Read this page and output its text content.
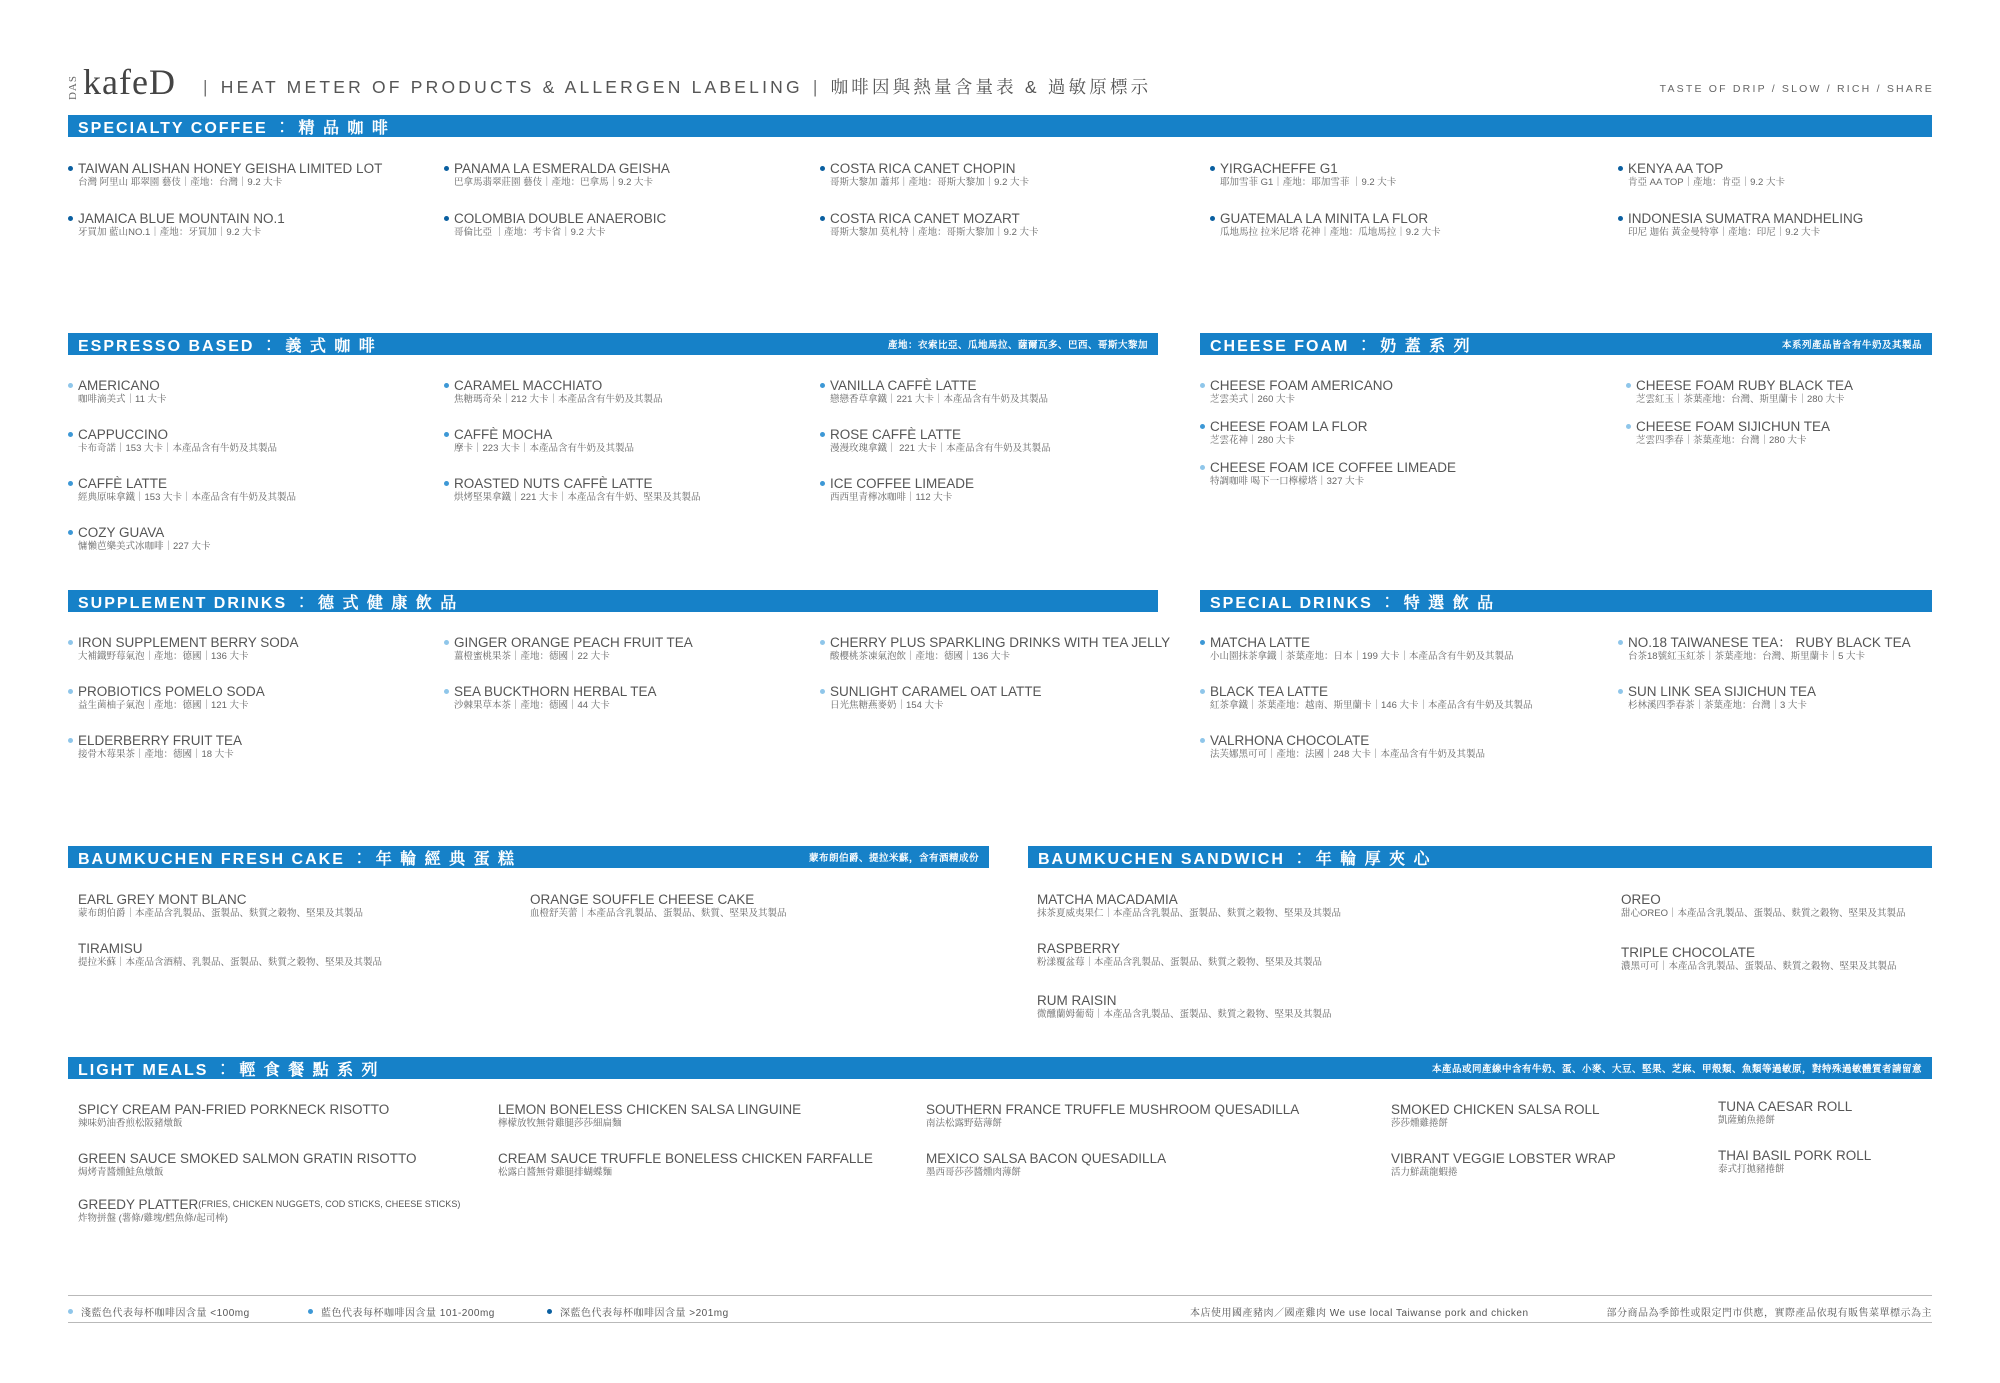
DAS kafeD	| HEAT METER OF PRODUCTS & ALLERGEN LABELING | 咖啡因與熱量含量表 & 過敏原標示	TASTE OF DRIP / SLOW / RICH / SHARE
SPECIALTY COFFEE ︰ 精 品 咖 啡
TAIWAN ALISHAN HONEY GEISHA LIMITED LOT
台灣 阿里山 耶翠園 藝伎｜產地：台灣｜9.2 大卡
JAMAICA BLUE MOUNTAIN NO.1
牙買加 藍山NO.1｜產地：牙買加｜9.2 大卡
PANAMA LA ESMERALDA GEISHA
巴拿馬翡翠莊園 藝伎｜產地：巴拿馬｜9.2 大卡
COLOMBIA DOUBLE ANAEROBIC
哥倫比亞 ｜產地：考卡省｜9.2 大卡
COSTA RICA CANET CHOPIN
哥斯大黎加 蕭邦｜產地：哥斯大黎加｜9.2 大卡
COSTA RICA CANET MOZART
哥斯大黎加 莫札特｜產地：哥斯大黎加｜9.2 大卡
YIRGACHEFFE G1
耶加雪菲 G1｜產地：耶加雪菲 ｜9.2 大卡
GUATEMALA LA MINITA LA FLOR
瓜地馬拉 拉米尼塔 花神｜產地：瓜地馬拉｜9.2 大卡
KENYA AA TOP
肯亞 AA TOP｜產地：肯亞｜9.2 大卡
INDONESIA SUMATRA MANDHELING
印尼 迦佑 黃金曼特寧｜產地：印尼｜9.2 大卡
ESPRESSO BASED ︰ 義 式 咖 啡	產地：衣索比亞、瓜地馬拉、薩爾瓦多、巴西、哥斯大黎加
AMERICANO
咖啡滴美式｜11 大卡
CAPPUCCINO
卡布奇諾｜153 大卡｜本產品含有牛奶及其製品
CAFFÈ LATTE
經典原味拿鐵｜153 大卡｜本產品含有牛奶及其製品
COZY GUAVA
慵懶芭樂美式冰咖啡｜227 大卡
CARAMEL MACCHIATO
焦糖瑪奇朵｜212 大卡｜本產品含有牛奶及其製品
CAFFÈ MOCHA
摩卡｜223 大卡｜本產品含有牛奶及其製品
ROASTED NUTS CAFFÈ LATTE
烘烤堅果拿鐵｜221 大卡｜本產品含有牛奶、堅果及其製品
VANILLA CAFFÈ LATTE
戀戀香草拿鐵｜221 大卡｜本產品含有牛奶及其製品
ROSE CAFFÈ LATTE
漫漫玫瑰拿鐵｜ 221 大卡｜本產品含有牛奶及其製品
ICE COFFEE LIMEADE
西西里青檸冰咖啡｜112 大卡
CHEESE FOAM ︰ 奶 蓋 系 列	本系列產品皆含有牛奶及其製品
CHEESE FOAM AMERICANO
芝雲美式｜260 大卡
CHEESE FOAM LA FLOR
芝雲花神｜280 大卡
CHEESE FOAM ICE COFFEE LIMEADE
特調咖啡 喝下一口檸檬塔｜327 大卡
CHEESE FOAM RUBY BLACK TEA
芝雲紅玉｜茶葉產地：台灣、斯里蘭卡｜280 大卡
CHEESE FOAM SIJICHUN TEA
芝雲四季春｜茶葉產地：台灣｜280 大卡
SUPPLEMENT DRINKS ︰ 德 式 健 康 飲 品
IRON SUPPLEMENT BERRY SODA
大補鐵野莓氣泡｜產地：德國｜136 大卡
PROBIOTICS POMELO SODA
益生菌柚子氣泡｜產地：德國｜121 大卡
ELDERBERRY FRUIT TEA
接骨木莓果茶｜產地：德國｜18 大卡
GINGER ORANGE PEACH FRUIT TEA
薑橙蜜桃果茶｜產地：德國｜22 大卡
SEA BUCKTHORN HERBAL TEA
沙棘果草本茶｜產地：德國｜44 大卡
CHERRY PLUS SPARKLING DRINKS WITH TEA JELLY
酸櫻桃茶凍氣泡飲｜產地：德國｜136 大卡
SUNLIGHT CARAMEL OAT LATTE
日光焦糖燕麥奶｜154 大卡
SPECIAL DRINKS ︰ 特 選 飲 品
MATCHA LATTE
小山園抹茶拿鐵｜茶葉產地：日本｜199 大卡｜本產品含有牛奶及其製品
BLACK TEA LATTE
紅茶拿鐵｜茶葉產地：越南、斯里蘭卡｜146 大卡｜本產品含有牛奶及其製品
VALRHONA CHOCOLATE
法芙娜黑可可｜產地：法國｜248 大卡｜本產品含有牛奶及其製品
NO.18 TAIWANESE TEA： RUBY BLACK TEA
台茶18號紅玉紅茶｜茶葉產地：台灣、斯里蘭卡｜5 大卡
SUN LINK SEA SIJICHUN TEA
杉林溪四季春茶｜茶葉產地：台灣｜3 大卡
BAUMKUCHEN FRESH CAKE ︰ 年 輪 經 典 蛋 糕	蒙布朗伯爵、提拉米蘇，含有酒精成份
EARL GREY MONT BLANC
蒙布朗伯爵｜本產品含乳製品、蛋製品、麩質之穀物、堅果及其製品
TIRAMISU
提拉米蘇｜本產品含酒精、乳製品、蛋製品、麩質之穀物、堅果及其製品
ORANGE SOUFFLE CHEESE CAKE
血橙舒芙蕾｜本產品含乳製品、蛋製品、麩質、堅果及其製品
BAUMKUCHEN SANDWICH ︰ 年 輪 厚 夾 心
MATCHA MACADAMIA
抹茶夏威夷果仁｜本產品含乳製品、蛋製品、麩質之穀物、堅果及其製品
RASPBERRY
粉漾覆盆莓｜本產品含乳製品、蛋製品、麩質之穀物、堅果及其製品
RUM RAISIN
微醺蘭姆葡萄｜本產品含乳製品、蛋製品、麩質之穀物、堅果及其製品
OREO
甜心OREO｜本產品含乳製品、蛋製品、麩質之穀物、堅果及其製品
TRIPLE CHOCOLATE
濃黑可可｜本產品含乳製品、蛋製品、麩質之穀物、堅果及其製品
LIGHT MEALS ︰ 輕 食 餐 點 系 列	本產品或同產線中含有牛奶、蛋、小麥、大豆、堅果、芝麻、甲殼類、魚類等過敏原，對特殊過敏體質者請留意
SPICY CREAM PAN-FRIED PORKNECK RISOTTO
辣味奶油香煎松阪豬燉飯
GREEN SAUCE SMOKED SALMON GRATIN RISOTTO
焗烤青醬燻鮭魚燉飯
GREEDY PLATTER (FRIES, CHICKEN NUGGETS, COD STICKS, CHEESE STICKS)
炸物拼盤 (薯條/雞塊/鱈魚條/起司棒)
LEMON BONELESS CHICKEN SALSA LINGUINE
檸檬放牧無骨雞腿莎莎細扁麵
CREAM SAUCE TRUFFLE BONELESS CHICKEN FARFALLE
松露白醬無骨雞腿排蝴蝶麵
SOUTHERN FRANCE TRUFFLE MUSHROOM QUESADILLA
南法松露野菇薄餅
MEXICO SALSA BACON QUESADILLA
墨西哥莎莎醬燻肉薄餅
SMOKED CHICKEN SALSA ROLL
莎莎燻雞捲餅
VIBRANT VEGGIE LOBSTER WRAP
活力鮮蔬龍蝦捲
TUNA CAESAR ROLL
凱薩鮪魚捲餅
THAI BASIL PORK ROLL
泰式打拋豬捲餅
淺藍色代表每杯咖啡因含量 <100mg	藍色代表每杯咖啡因含量 101-200mg	深藍色代表每杯咖啡因含量 >201mg	本店使用國產豬肉／國產雞肉 We use local Taiwanse pork and chicken	部分商品為季節性或限定門市供應，實際產品依現有販售菜單標示為主
